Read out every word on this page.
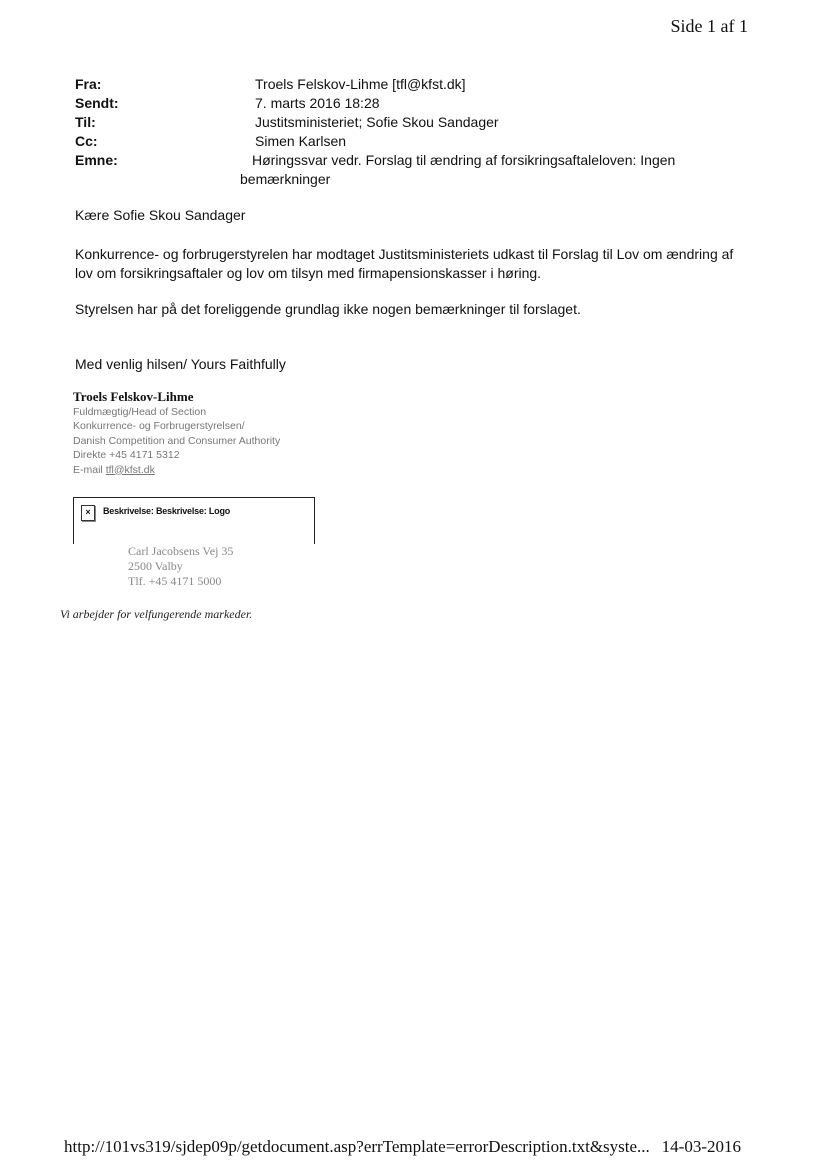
Side 1 af 1
Fra:	Troels Felskov-Lihme [tfl@kfst.dk]
Sendt:	7. marts 2016 18:28
Til:	Justitsministeriet; Sofie Skou Sandager
Cc:	Simen Karlsen
Emne:	Høringssvar vedr. Forslag til ændring af forsikringsaftaleloven: Ingen
bemærkninger
Kære Sofie Skou Sandager
Konkurrence- og forbrugerstyrelen har modtaget Justitsministeriets udkast til Forslag til Lov om ændring af lov om forsikringsaftaler og lov om tilsyn med firmapensionskasser i høring.
Styrelsen har på det foreliggende grundlag ikke nogen bemærkninger til forslaget.
Med venlig hilsen/ Yours Faithfully
Troels Felskov-Lihme
Fuldmægtig/Head of Section
Konkurrence- og Forbrugerstyrelsen/
Danish Competition and Consumer Authority
Direkte +45 4171 5312
E-mail tfl@kfst.dk
×	Beskrivelse: Beskrivelse: Logo
Carl Jacobsens Vej 35
2500 Valby
Tlf. +45 4171 5000
Vi arbejder for velfungerende markeder.
http://101vs319/sjdep09p/getdocument.asp?errTemplate=errorDescription.txt&syste... 14-03-2016
